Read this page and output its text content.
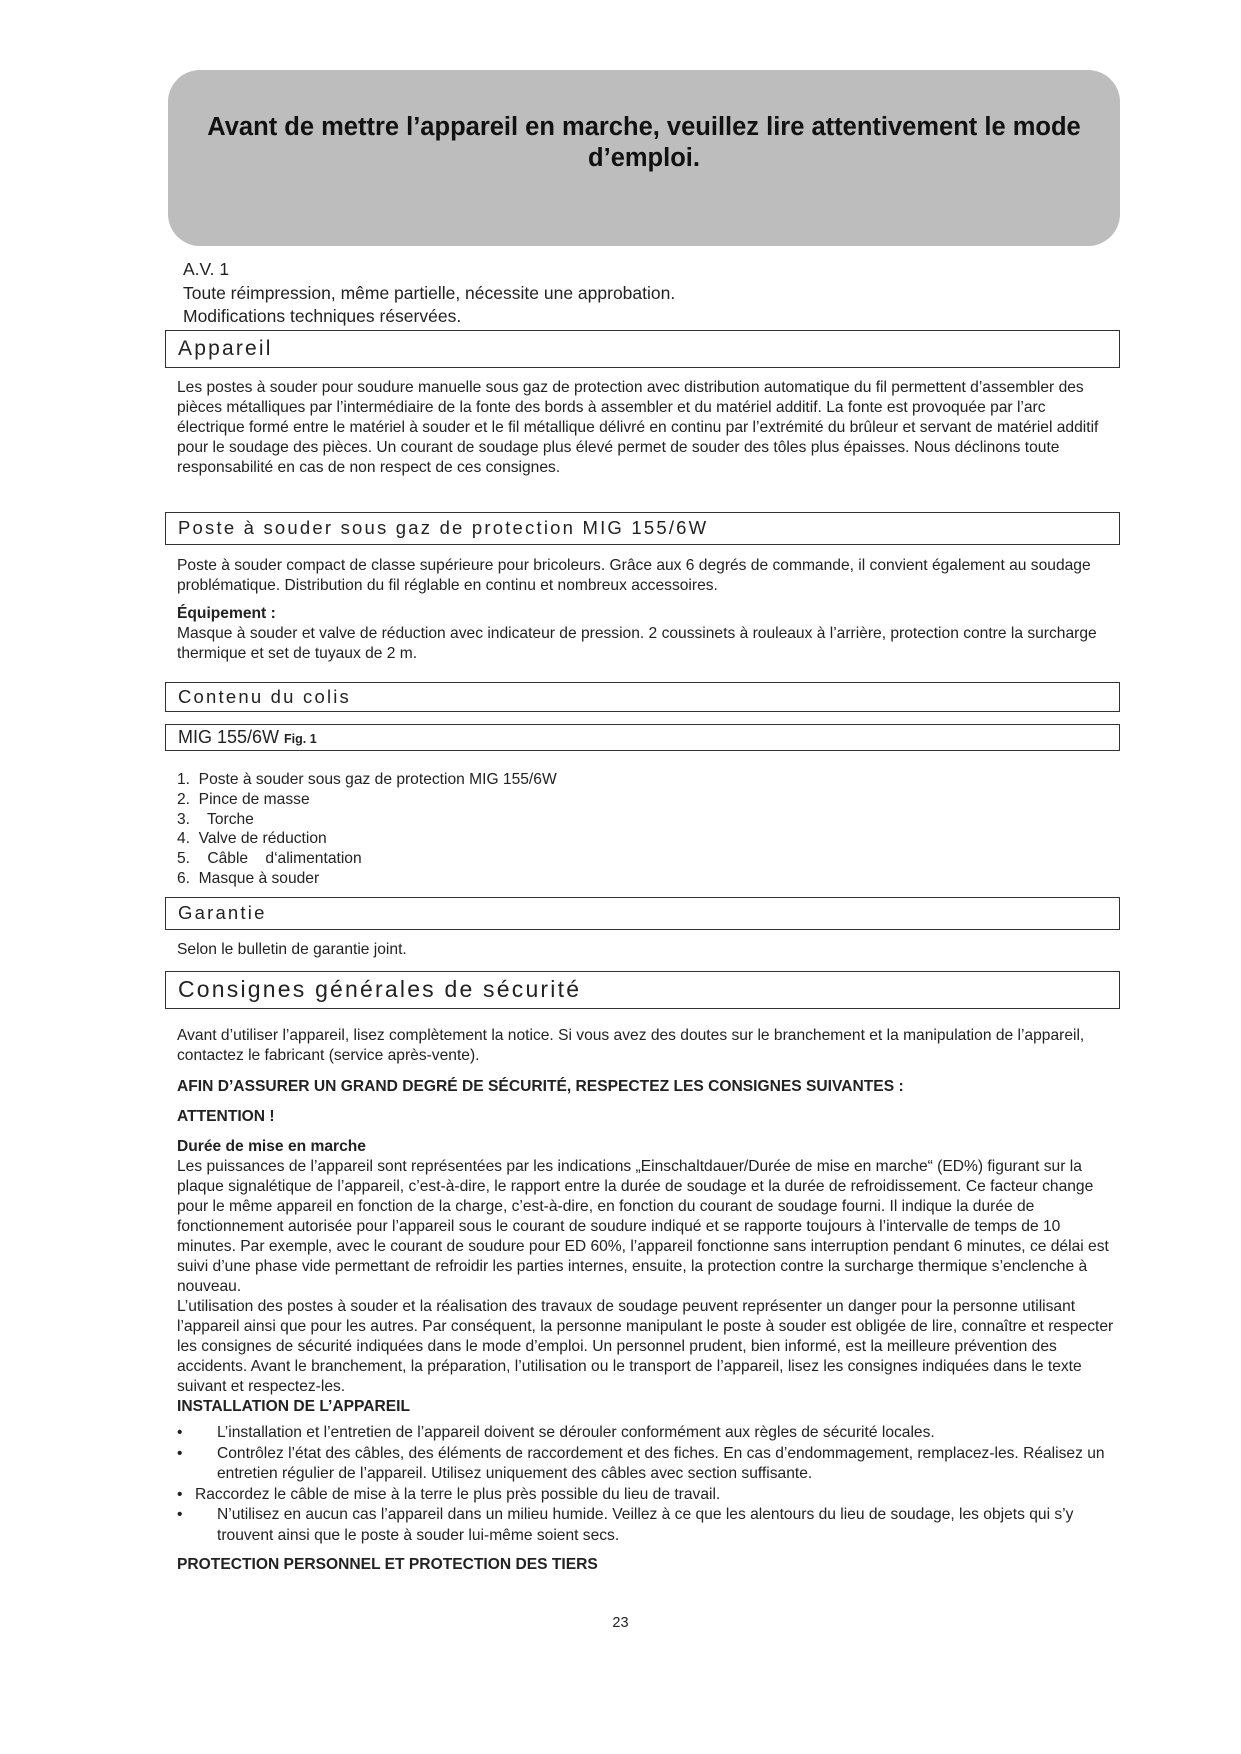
Avant de mettre l’appareil en marche, veuillez lire attentivement le mode d’emploi.
A.V. 1
Toute réimpression, même partielle, nécessite une approbation.
Modifications techniques réservées.
Appareil

Les postes à souder pour soudure manuelle sous gaz de protection avec distribution automatique du fil permettent d’assembler des pièces métalliques par l’intermédiaire de la fonte des bords à assembler et du matériel additif. La fonte est provoquée par l’arc électrique formé entre le matériel à souder et le fil métallique délivré en continu par l’extrémité du brûleur et servant de matériel additif pour le soudage des pièces. Un courant de soudage plus élevé permet de souder des tôles plus épaisses. Nous déclinons toute responsabilité en cas de non respect de ces consignes.

Poste à souder sous gaz de protection MIG 155/6W

Poste à souder compact de classe supérieure pour bricoleurs. Grâce aux 6 degrés de commande, il convient également au soudage problématique. Distribution du fil réglable en continu et nombreux accessoires.

Équipement :

Masque à souder et valve de réduction avec indicateur de pression. 2 coussinets à rouleaux à l’arrière, protection contre la surcharge thermique et set de tuyaux de 2 m.

Contenu du colis
MIG 155/6W Fig. 1
1.  Poste à souder sous gaz de protection MIG 155/6W
2.  Pince de masse
3.    Torche
4.  Valve de réduction
5.    Câble    d‘alimentation
6.  Masque à souder
Garantie

Selon le bulletin de garantie joint.

Consignes générales de sécurité

Avant d’utiliser l’appareil, lisez complètement la notice. Si vous avez des doutes sur le branchement et la manipulation de l’appareil, contactez le fabricant (service après-vente).

AFIN D’ASSURER UN GRAND DEGRÉ DE SÉCURITÉ, RESPECTEZ LES CONSIGNES SUIVANTES :

ATTENTION !

Durée de mise en marche

Les puissances de l’appareil sont représentées par les indications „Einschaltdauer/Durée de mise en marche“ (ED%) figurant sur la plaque signalétique de l’appareil, c’est-à-dire, le rapport entre la durée de soudage et la durée de refroidissement. Ce facteur change pour le même appareil en fonction de la charge, c’est-à-dire, en fonction du courant de soudage fourni. Il indique la durée de fonctionnement autorisée pour l’appareil sous le courant de soudure indiqué et se rapporte toujours à l’intervalle de temps de 10 minutes. Par exemple, avec le courant de soudure pour ED 60%, l’appareil fonctionne sans interruption pendant 6 minutes, ce délai est suivi d’une phase vide permettant de refroidir les parties internes, ensuite, la protection contre la surcharge thermique s’enclenche à nouveau.

L’utilisation des postes à souder et la réalisation des travaux de soudage peuvent représenter un danger pour la personne utilisant l’appareil ainsi que pour les autres. Par conséquent, la personne manipulant le poste à souder est obligée de lire, connaître et respecter les consignes de sécurité indiquées dans le mode d’emploi. Un personnel prudent, bien informé, est la meilleure prévention des accidents. Avant le branchement, la préparation, l’utilisation ou le transport de l’appareil, lisez les consignes indiquées dans le texte suivant et respectez-les.

INSTALLATION DE L’APPAREIL

• L’installation et l’entretien de l’appareil doivent se dérouler conformément aux règles de sécurité locales.
• Contrôlez l’état des câbles, des éléments de raccordement et des fiches. En cas d’endommagement, remplacez-les. Réalisez un entretien régulier de l’appareil. Utilisez uniquement des câbles avec section suffisante.
• Raccordez le câble de mise à la terre le plus près possible du lieu de travail.
• N’utilisez en aucun cas l’appareil dans un milieu humide. Veillez à ce que les alentours du lieu de soudage, les objets qui s’y trouvent ainsi que le poste à souder lui-même soient secs.

PROTECTION PERSONNEL ET PROTECTION DES TIERS

23
